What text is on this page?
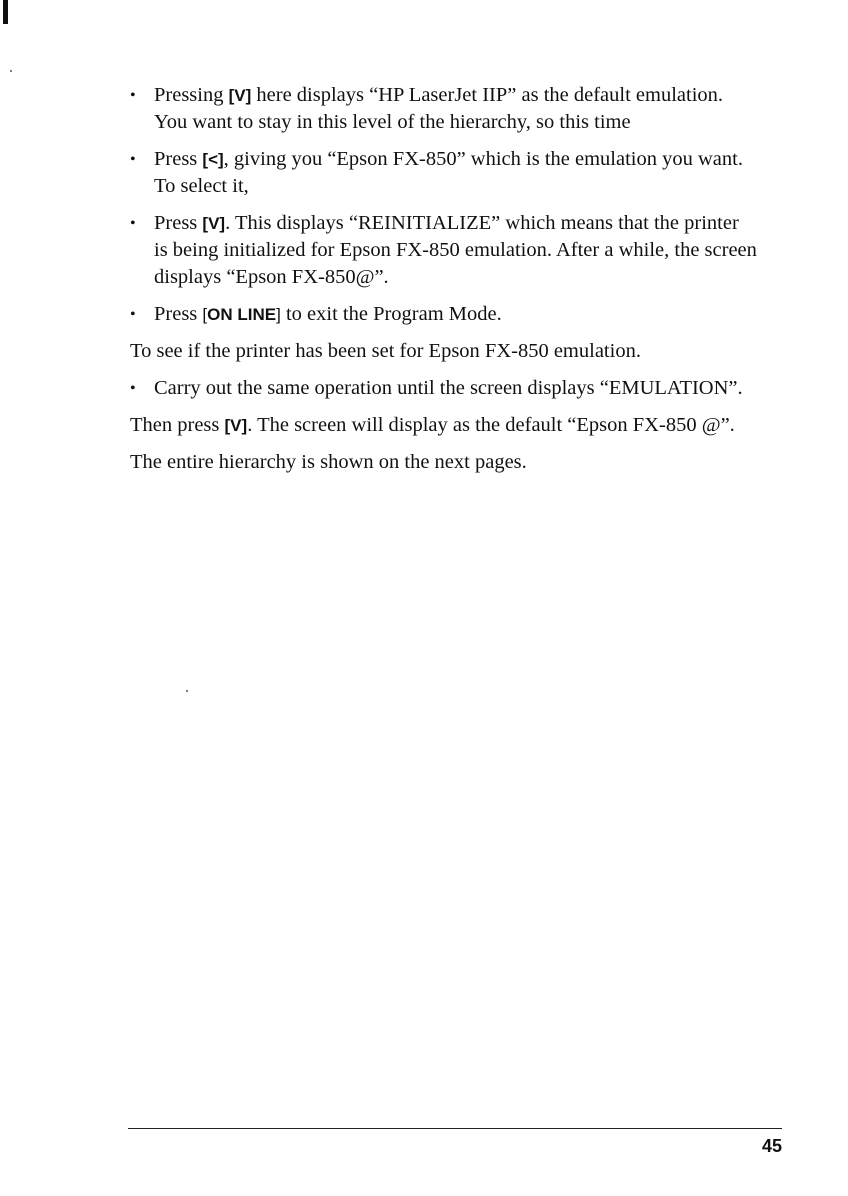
• Pressing [V] here displays “HP LaserJet IIP” as the default emulation.
You want to stay in this level of the hierarchy, so this time
• Press [<], giving you “Epson FX-850” which is the emulation you want.
To select it,
• Press [V]. This displays “REINITIALIZE” which means that the printer
is being initialized for Epson FX-850 emulation. After a while, the screen
displays “Epson FX-850@”.
• Press [ON LINE] to exit the Program Mode.

To see if the printer has been set for Epson FX-850 emulation.

• Carry out the same operation until the screen displays “EMULATION”.

Then press [V]. The screen will display as the default “Epson FX-850 @”.

The entire hierarchy is shown on the next pages.

45
